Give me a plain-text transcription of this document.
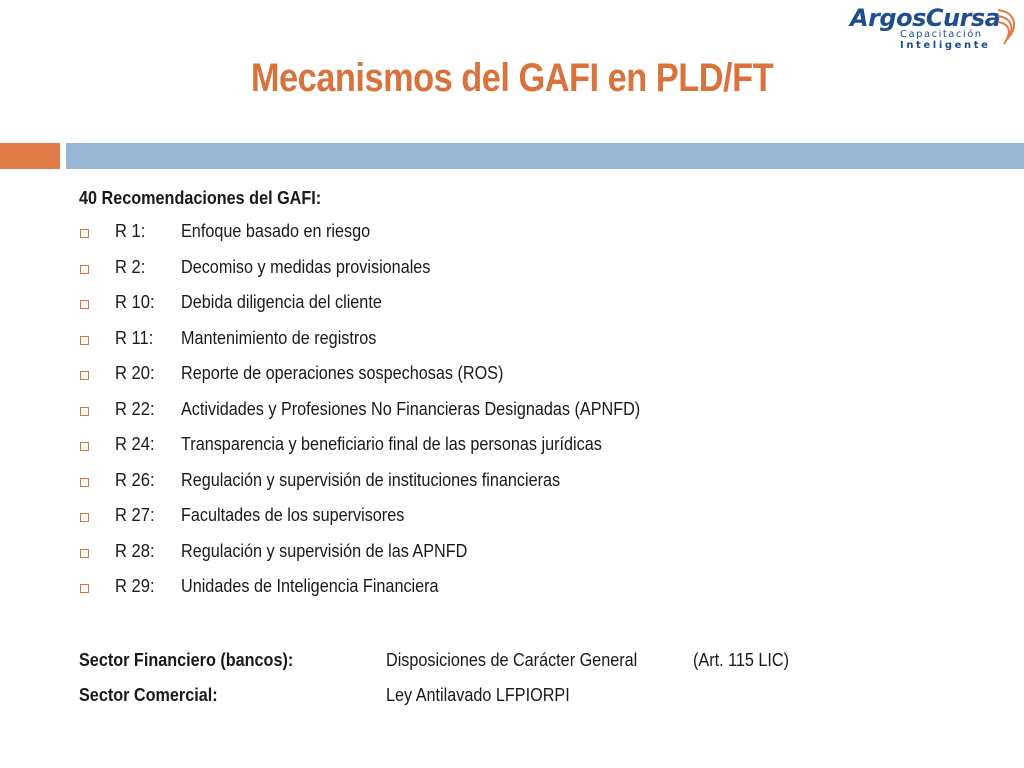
ArgosCursa
Capacitación
Inteligente
Mecanismos del GAFI en PLD/FT
40 Recomendaciones del GAFI:
R 1: Enfoque basado en riesgo
R 2: Decomiso y medidas provisionales
R 10: Debida diligencia del cliente
R 11: Mantenimiento de registros
R 20: Reporte de operaciones sospechosas (ROS)
R 22: Actividades y Profesiones No Financieras Designadas (APNFD)
R 24: Transparencia y beneficiario final de las personas jurídicas
R 26: Regulación y supervisión de instituciones financieras
R 27: Facultades de los supervisores
R 28: Regulación y supervisión de las APNFD
R 29: Unidades de Inteligencia Financiera
Sector Financiero (bancos):	Disposiciones de Carácter General	(Art. 115 LIC)
Sector Comercial:	Ley Antilavado LFPIORPI
